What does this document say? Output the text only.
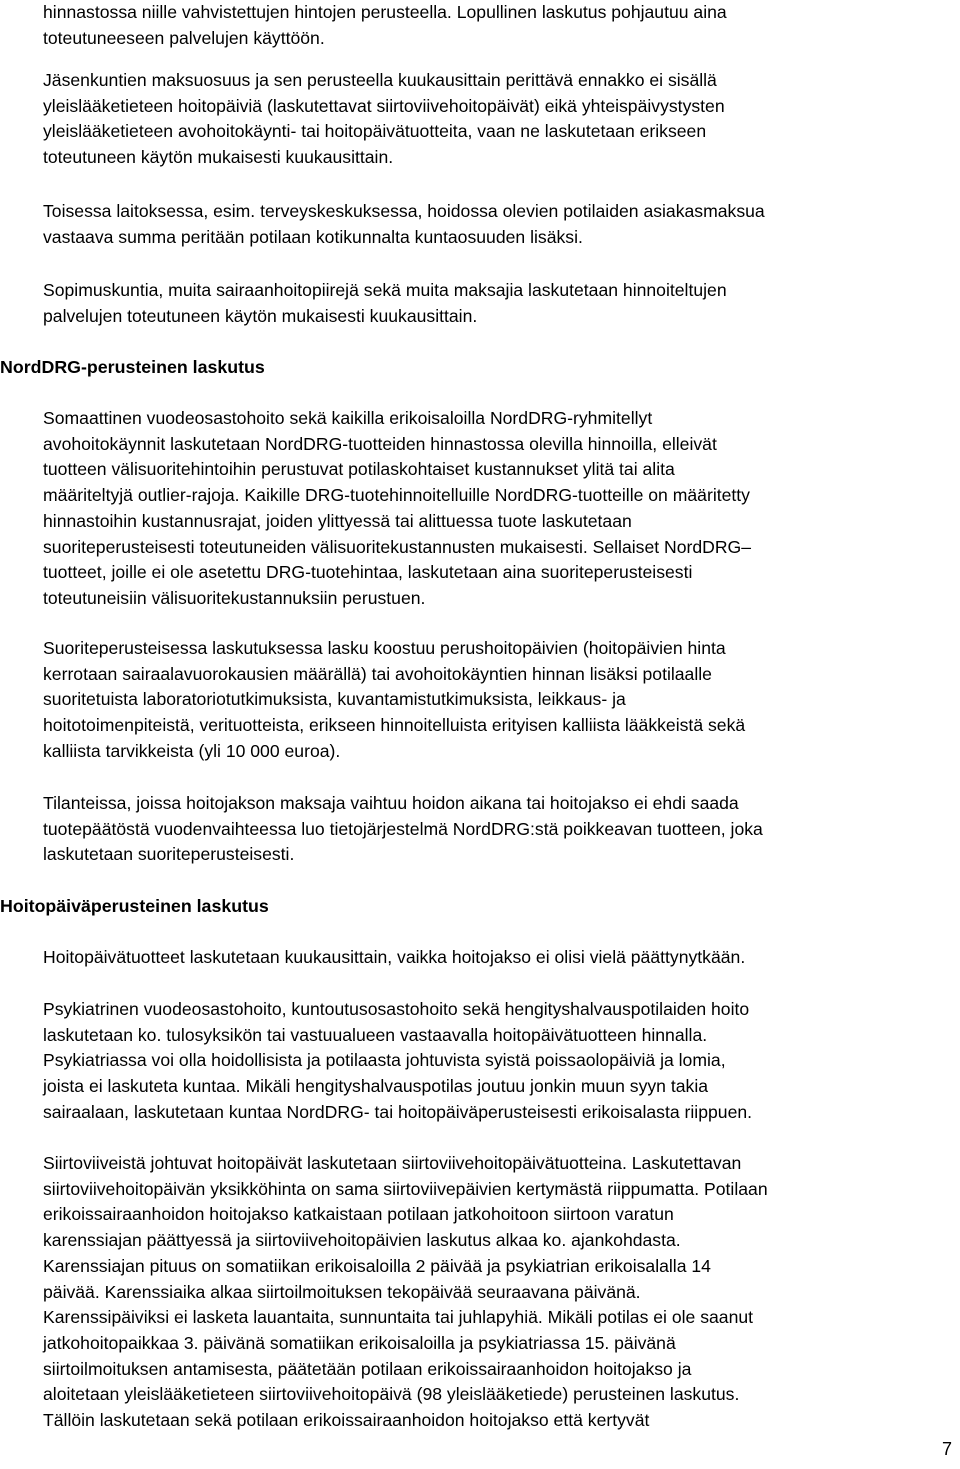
hinnastossa niille vahvistettujen hintojen perusteella. Lopullinen laskutus pohjautuu aina
toteutuneeseen palvelujen käyttöön.
Jäsenkuntien maksuosuus ja sen perusteella kuukausittain perittävä ennakko ei sisällä
yleislääketieteen hoitopäiviä (laskutettavat siirtoviivehoitopäivät) eikä yhteispäivystysten
yleislääketieteen avohoitokäynti- tai hoitopäivätuotteita, vaan ne laskutetaan erikseen
toteutuneen käytön mukaisesti kuukausittain.
Toisessa laitoksessa, esim. terveyskeskuksessa, hoidossa olevien potilaiden asiakasmaksua
vastaava summa peritään potilaan kotikunnalta kuntaosuuden lisäksi.
Sopimuskuntia, muita sairaanhoitopiirejä sekä muita maksajia laskutetaan hinnoiteltujen
palvelujen toteutuneen käytön mukaisesti kuukausittain.
NordDRG-perusteinen laskutus
Somaattinen vuodeosastohoito sekä kaikilla erikoisaloilla NordDRG-ryhmitellyt
avohoitokäynnit laskutetaan NordDRG-tuotteiden hinnastossa olevilla hinnoilla, elleivät
tuotteen välisuoritehintoihin perustuvat potilaskohtaiset kustannukset ylitä tai alita
määriteltyjä outlier-rajoja. Kaikille DRG-tuotehinnoitelluille NordDRG-tuotteille on määritetty
hinnastoihin kustannusrajat, joiden ylittyessä tai alittuessa tuote laskutetaan
suoriteperusteisesti toteutuneiden välisuoritekustannusten mukaisesti. Sellaiset NordDRG–
tuotteet, joille ei ole asetettu DRG-tuotehintaa, laskutetaan aina suoriteperusteisesti
toteutuneisiin välisuoritekustannuksiin perustuen.
Suoriteperusteisessa laskutuksessa lasku koostuu perushoitopäivien (hoitopäivien hinta
kerrotaan sairaalavuorokausien määrällä) tai avohoitokäyntien hinnan lisäksi potilaalle
suoritetuista laboratoriotutkimuksista, kuvantamistutkimuksista, leikkaus- ja
hoitotoimenpiteistä, verituotteista, erikseen hinnoitelluista erityisen kalliista lääkkeistä sekä
kalliista tarvikkeista (yli 10 000 euroa).
Tilanteissa, joissa hoitojakson maksaja vaihtuu hoidon aikana tai hoitojakso ei ehdi saada
tuotepäätöstä vuodenvaihteessa luo tietojärjestelmä NordDRG:stä poikkeavan tuotteen, joka
laskutetaan suoriteperusteisesti.
Hoitopäiväperusteinen laskutus
Hoitopäivätuotteet laskutetaan kuukausittain, vaikka hoitojakso ei olisi vielä päättynytkään.
Psykiatrinen vuodeosastohoito, kuntoutusosastohoito sekä hengityshalvauspotilaiden hoito
laskutetaan ko. tulosyksikön tai vastuualueen vastaavalla hoitopäivätuotteen hinnalla.
Psykiatriassa voi olla hoidollisista ja potilaasta johtuvista syistä poissaolopäiviä ja lomia,
joista ei laskuteta kuntaa. Mikäli hengityshalvauspotilas joutuu jonkin muun syyn takia
sairaalaan, laskutetaan kuntaa NordDRG- tai hoitopäiväperusteisesti erikoisalasta riippuen.
Siirtoviiveistä johtuvat hoitopäivät laskutetaan siirtoviivehoitopäivätuotteina. Laskutettavan
siirtoviivehoitopäivän yksikköhinta on sama siirtoviivepäivien kertymästä riippumatta. Potilaan
erikoissairaanhoidon hoitojakso katkaistaan potilaan jatkohoitoon siirtoon varatun
karenssiajan päättyessä ja siirtoviivehoitopäivien laskutus alkaa ko. ajankohdasta.
Karenssiajan pituus on somatiikan erikoisaloilla 2 päivää ja psykiatrian erikoisalalla 14
päivää. Karenssiaika alkaa siirtoilmoituksen tekopäivää seuraavana päivänä.
Karenssipäiviksi ei lasketa lauantaita, sunnuntaita tai juhlapyhiä. Mikäli potilas ei ole saanut
jatkohoitopaikkaa 3. päivänä somatiikan erikoisaloilla ja psykiatriassa 15. päivänä
siirtoilmoituksen antamisesta, päätetään potilaan erikoissairaanhoidon hoitojakso ja
aloitetaan yleislääketieteen siirtoviivehoitopäivä (98 yleislääketiede) perusteinen laskutus.
Tällöin laskutetaan sekä potilaan erikoissairaanhoidon hoitojakso että kertyvät
7
